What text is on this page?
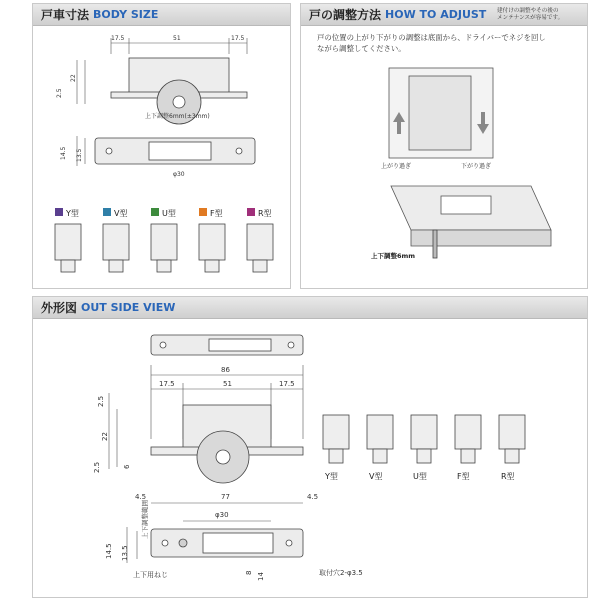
戸車寸法 BODY SIZE
17.5	51	17.5
2.5
22
上下調整6mm(±3mm)
14.5 13.5
φ30
Y型	V型	U型	F型	R型
戸の調整方法 HOW TO ADJUST 建付けの調整やその後の
メンテナンスが容易です。
戸の位置の上がり下がりの調整は底面から、ドライバーでネジを回し
ながら調整してください。
上がり過ぎ	下がり過ぎ
上下調整6mm
外形図 OUT SIDE VIEW
86
17.5	51	17.5
2.5
22
2.5	6
上下調整範囲
4.5	77	4.5
φ30
14.5 13.5
8 14
上下用ねじ	取付穴2-φ3.5
Y型	V型	U型	F型	R型
